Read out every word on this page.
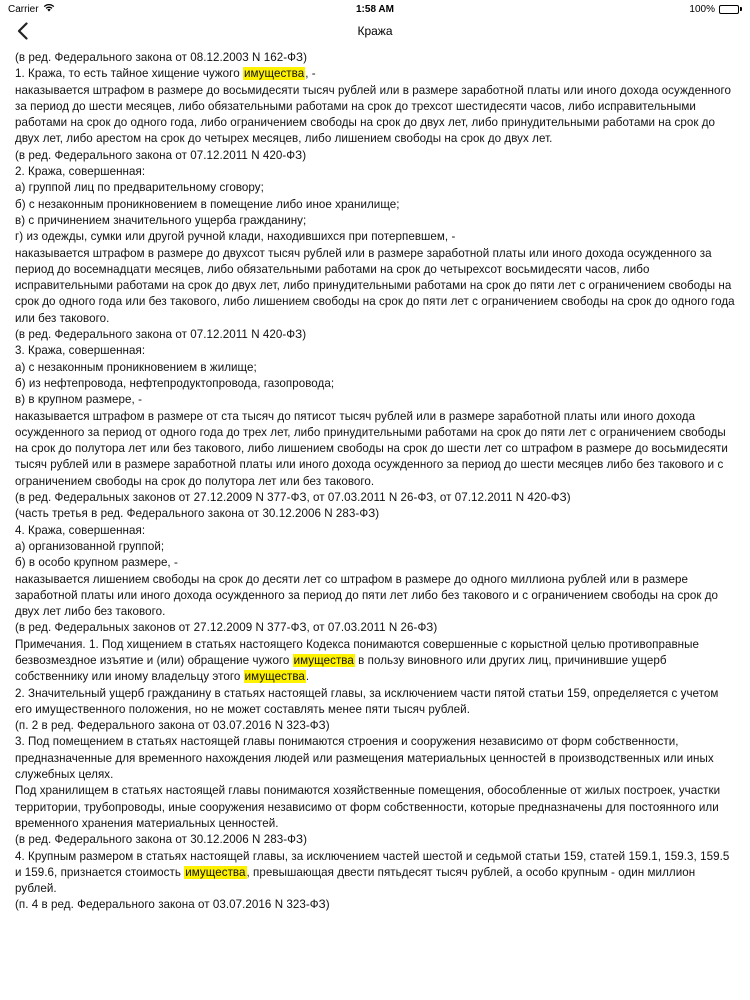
Carrier	1:58 AM	100%
Кража

(в ред. Федерального закона от 08.12.2003 N 162-ФЗ)

1. Кража, то есть тайное хищение чужого имущества, -

наказывается штрафом в размере до восьмидесяти тысяч рублей или в размере заработной платы или иного дохода осужденного за период до шести месяцев, либо обязательными работами на срок до трехсот шестидесяти часов, либо исправительными работами на срок до одного года, либо ограничением свободы на срок до двух лет, либо принудительными работами на срок до двух лет, либо арестом на срок до четырех месяцев, либо лишением свободы на срок до двух лет.

(в ред. Федерального закона от 07.12.2011 N 420-ФЗ)

2. Кража, совершенная:

а) группой лиц по предварительному сговору;

б) с незаконным проникновением в помещение либо иное хранилище;

в) с причинением значительного ущерба гражданину;

г) из одежды, сумки или другой ручной клади, находившихся при потерпевшем, -

наказывается штрафом в размере до двухсот тысяч рублей или в размере заработной платы или иного дохода осужденного за период до восемнадцати месяцев, либо обязательными работами на срок до четырехсот восьмидесяти часов, либо исправительными работами на срок до двух лет, либо принудительными работами на срок до пяти лет с ограничением свободы на срок до одного года или без такового, либо лишением свободы на срок до пяти лет с ограничением свободы на срок до одного года или без такового.

(в ред. Федерального закона от 07.12.2011 N 420-ФЗ)

3. Кража, совершенная:

а) с незаконным проникновением в жилище;

б) из нефтепровода, нефтепродуктопровода, газопровода;

в) в крупном размере, -

наказывается штрафом в размере от ста тысяч до пятисот тысяч рублей или в размере заработной платы или иного дохода осужденного за период от одного года до трех лет, либо принудительными работами на срок до пяти лет с ограничением свободы на срок до полутора лет или без такового, либо лишением свободы на срок до шести лет со штрафом в размере до восьмидесяти тысяч рублей или в размере заработной платы или иного дохода осужденного за период до шести месяцев либо без такового и с ограничением свободы на срок до полутора лет или без такового.

(в ред. Федеральных законов от 27.12.2009 N 377-ФЗ, от 07.03.2011 N 26-ФЗ, от 07.12.2011 N 420-ФЗ)

(часть третья в ред. Федерального закона от 30.12.2006 N 283-ФЗ)

4. Кража, совершенная:

а) организованной группой;

б) в особо крупном размере, -

наказывается лишением свободы на срок до десяти лет со штрафом в размере до одного миллиона рублей или в размере заработной платы или иного дохода осужденного за период до пяти лет либо без такового и с ограничением свободы на срок до двух лет либо без такового.

(в ред. Федеральных законов от 27.12.2009 N 377-ФЗ, от 07.03.2011 N 26-ФЗ)

Примечания. 1. Под хищением в статьях настоящего Кодекса понимаются совершенные с корыстной целью противоправные безвозмездное изъятие и (или) обращение чужого имущества в пользу виновного или других лиц, причинившие ущерб собственнику или иному владельцу этого имущества.

2. Значительный ущерб гражданину в статьях настоящей главы, за исключением части пятой статьи 159, определяется с учетом его имущественного положения, но не может составлять менее пяти тысяч рублей.

(п. 2 в ред. Федерального закона от 03.07.2016 N 323-ФЗ)

3. Под помещением в статьях настоящей главы понимаются строения и сооружения независимо от форм собственности, предназначенные для временного нахождения людей или размещения материальных ценностей в производственных или иных служебных целях.

Под хранилищем в статьях настоящей главы понимаются хозяйственные помещения, обособленные от жилых построек, участки территории, трубопроводы, иные сооружения независимо от форм собственности, которые предназначены для постоянного или временного хранения материальных ценностей.

(в ред. Федерального закона от 30.12.2006 N 283-ФЗ)

4. Крупным размером в статьях настоящей главы, за исключением частей шестой и седьмой статьи 159, статей 159.1, 159.3, 159.5 и 159.6, признается стоимость имущества, превышающая двести пятьдесят тысяч рублей, а особо крупным - один миллион рублей.

(п. 4 в ред. Федерального закона от 03.07.2016 N 323-ФЗ)
